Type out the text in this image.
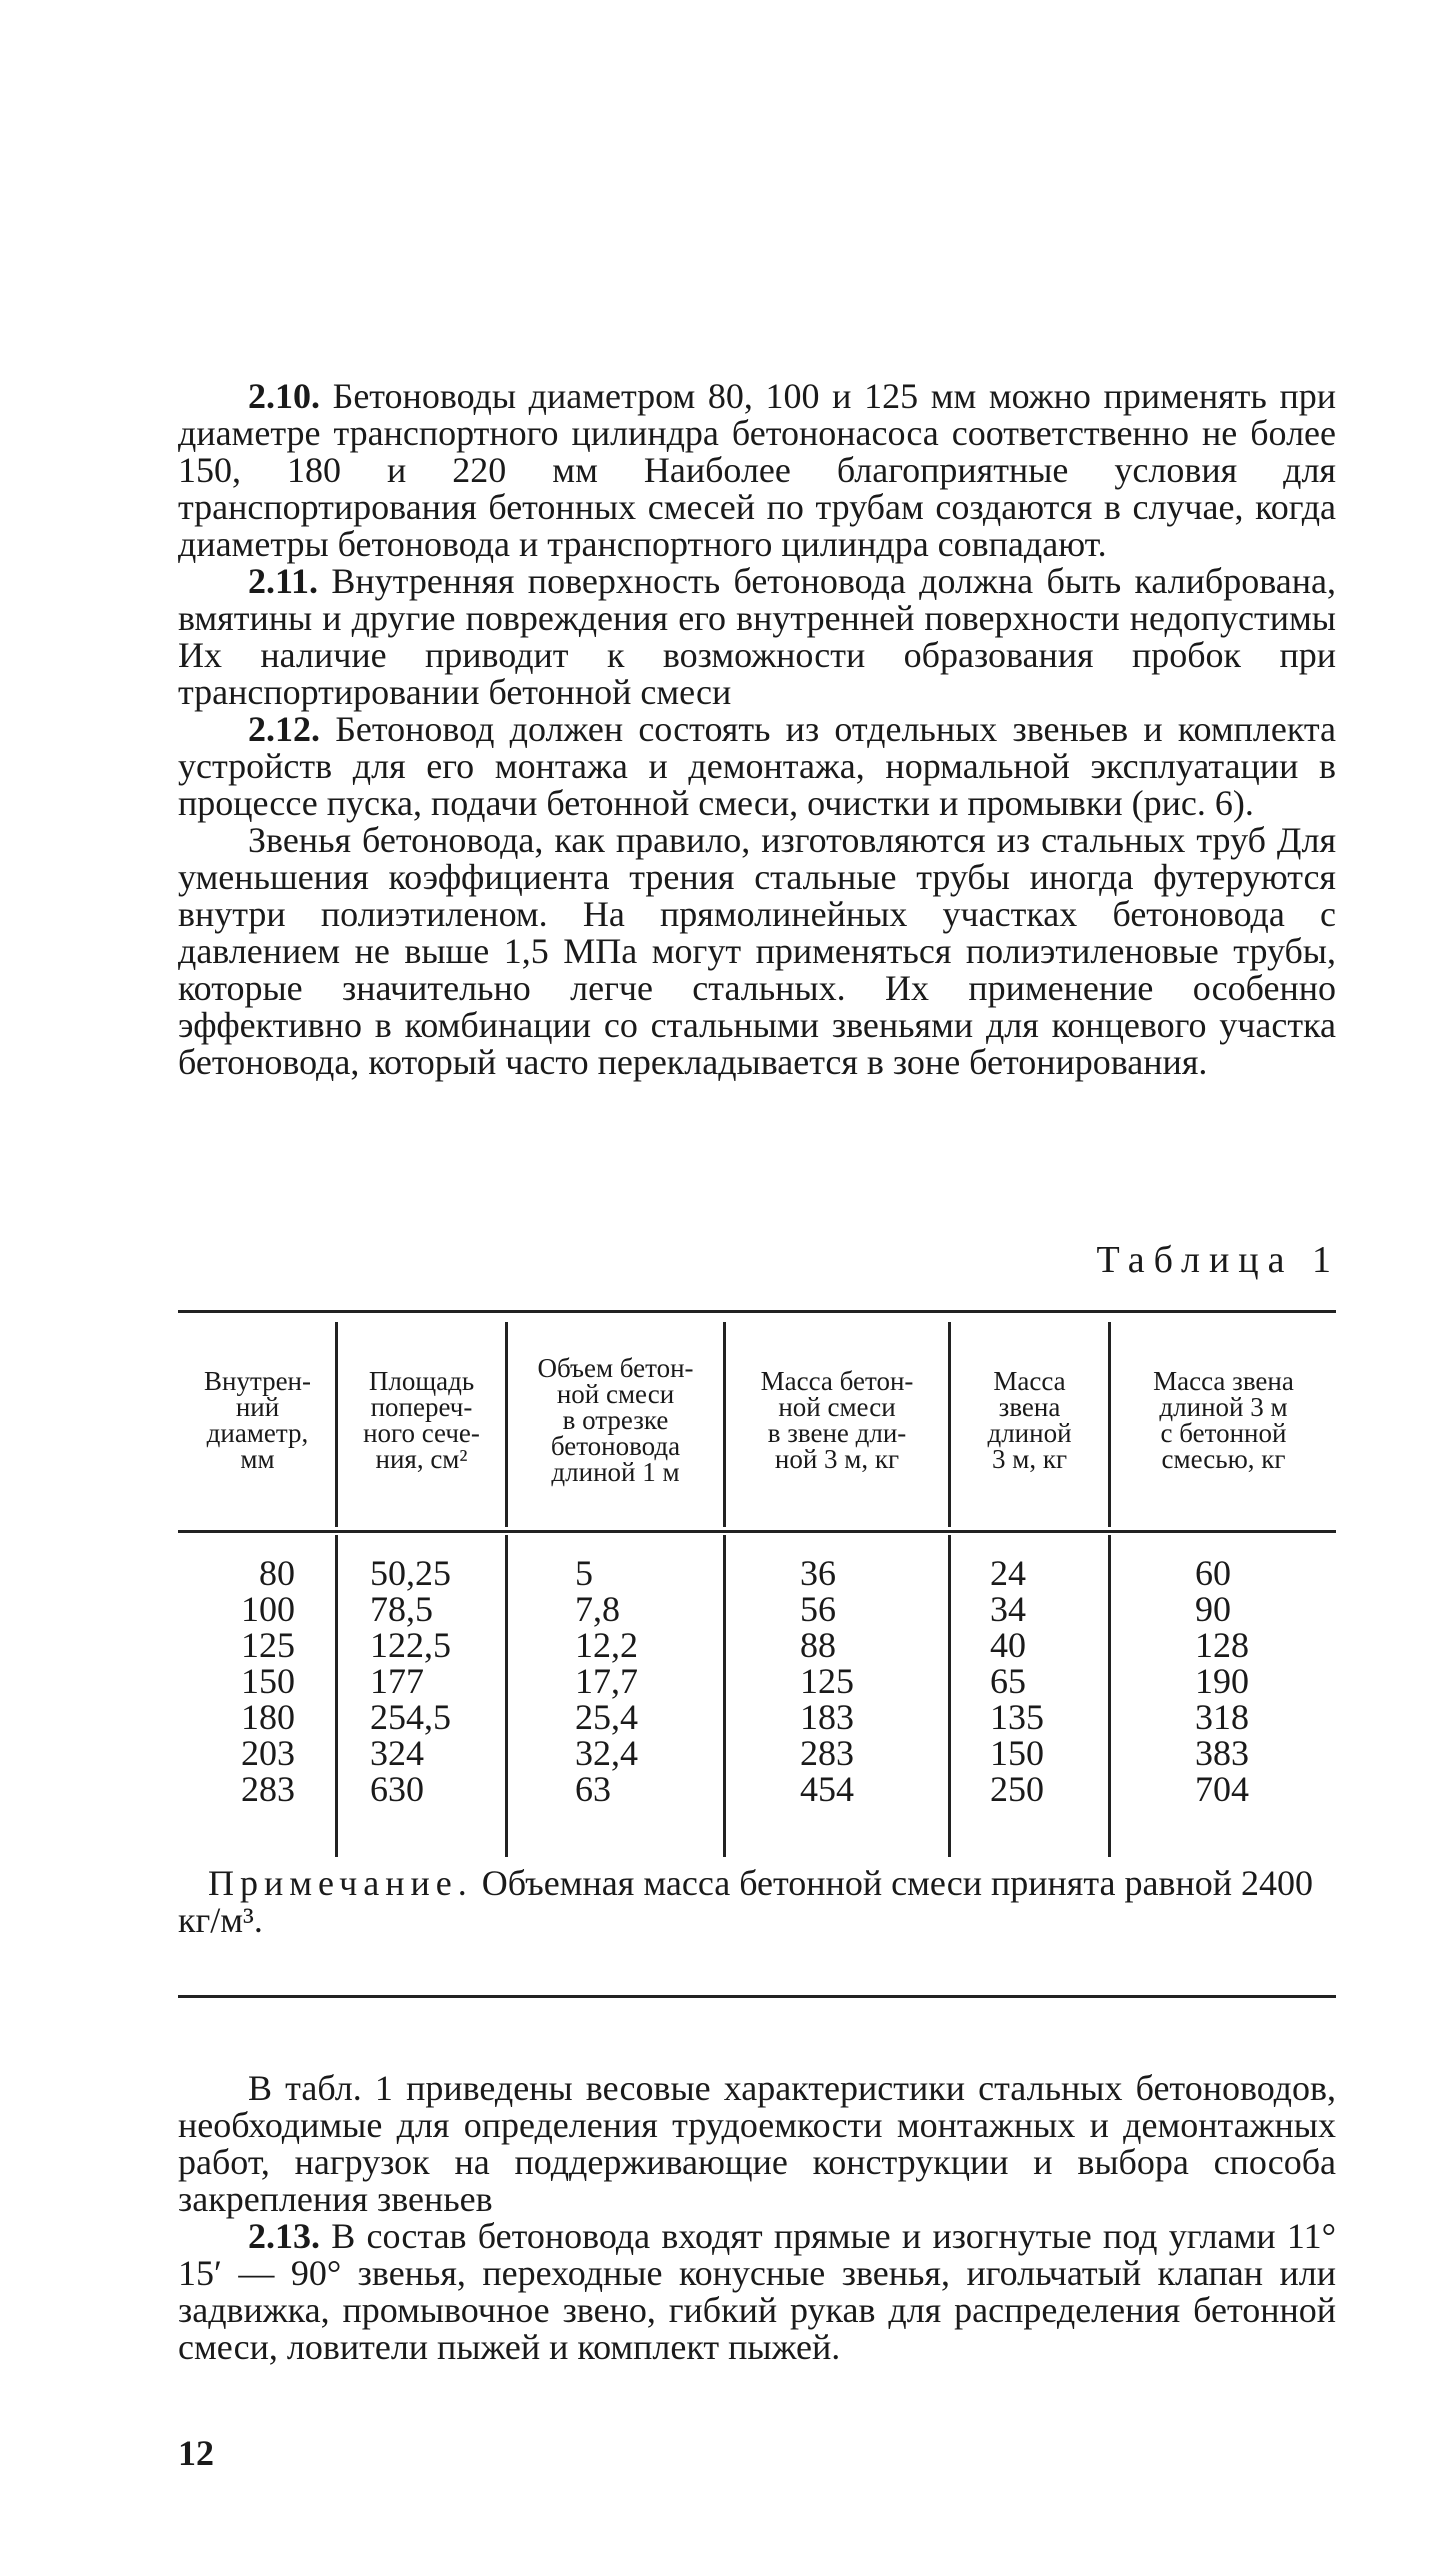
2.10. Бетоноводы диаметром 80, 100 и 125 мм можно применять при диаметре транспортного цилиндра бетононасоса соответственно не более 150, 180 и 220 мм Наиболее благоприятные условия для транспортирования бетонных смесей по трубам создаются в случае, когда диаметры бетоновода и транспортного цилиндра совпадают.

2.11. Внутренняя поверхность бетоновода должна быть калибрована, вмятины и другие повреждения его внутренней поверхности недопустимы Их наличие приводит к возможности образования пробок при транспортировании бетонной смеси

2.12. Бетоновод должен состоять из отдельных звеньев и комплекта устройств для его монтажа и демонтажа, нормальной эксплуатации в процессе пуска, подачи бетонной смеси, очистки и промывки (рис. 6).

Звенья бетоновода, как правило, изготовляются из стальных труб Для уменьшения коэффициента трения стальные трубы иногда футеруются внутри полиэтиленом. На прямолинейных участках бетоновода с давлением не выше 1,5 МПа могут применяться полиэтиленовые трубы, которые значительно легче стальных. Их применение особенно эффективно в комбинации со стальными звеньями для концевого участка бетоновода, который часто перекладывается в зоне бетонирования.

Таблица 1
Внутрен-
ний
диаметр,
мм
Площадь
попереч-
ного сече-
ния, см²
Объем бетон-
ной смеси
в отрезке
бетоновода
длиной 1 м
Масса бетон-
ной смеси
в звене дли-
ной 3 м, кг
Масса
звена
длиной
3 м, кг
Масса звена
длиной 3 м
с бетонной
смесью, кг
80
100
125
150
180
203
283
50,25
78,5
122,5
177
254,5
324
630
5
7,8
12,2
17,7
25,4
32,4
63
36
56
88
125
183
283
454
24
34
40
65
135
150
250
60
90
128
190
318
383
704
Примечание. Объемная масса бетонной смеси принята равной 2400 кг/м³.

В табл. 1 приведены весовые характеристики стальных бетоноводов, необходимые для определения трудоемкости монтажных и демонтажных работ, нагрузок на поддерживающие конструкции и выбора способа закрепления звеньев

2.13. В состав бетоновода входят прямые и изогнутые под углами 11° 15′ — 90° звенья, переходные конусные звенья, игольчатый клапан или задвижка, промывочное звено, гибкий рукав для распределения бетонной смеси, ловители пыжей и комплект пыжей.

12
